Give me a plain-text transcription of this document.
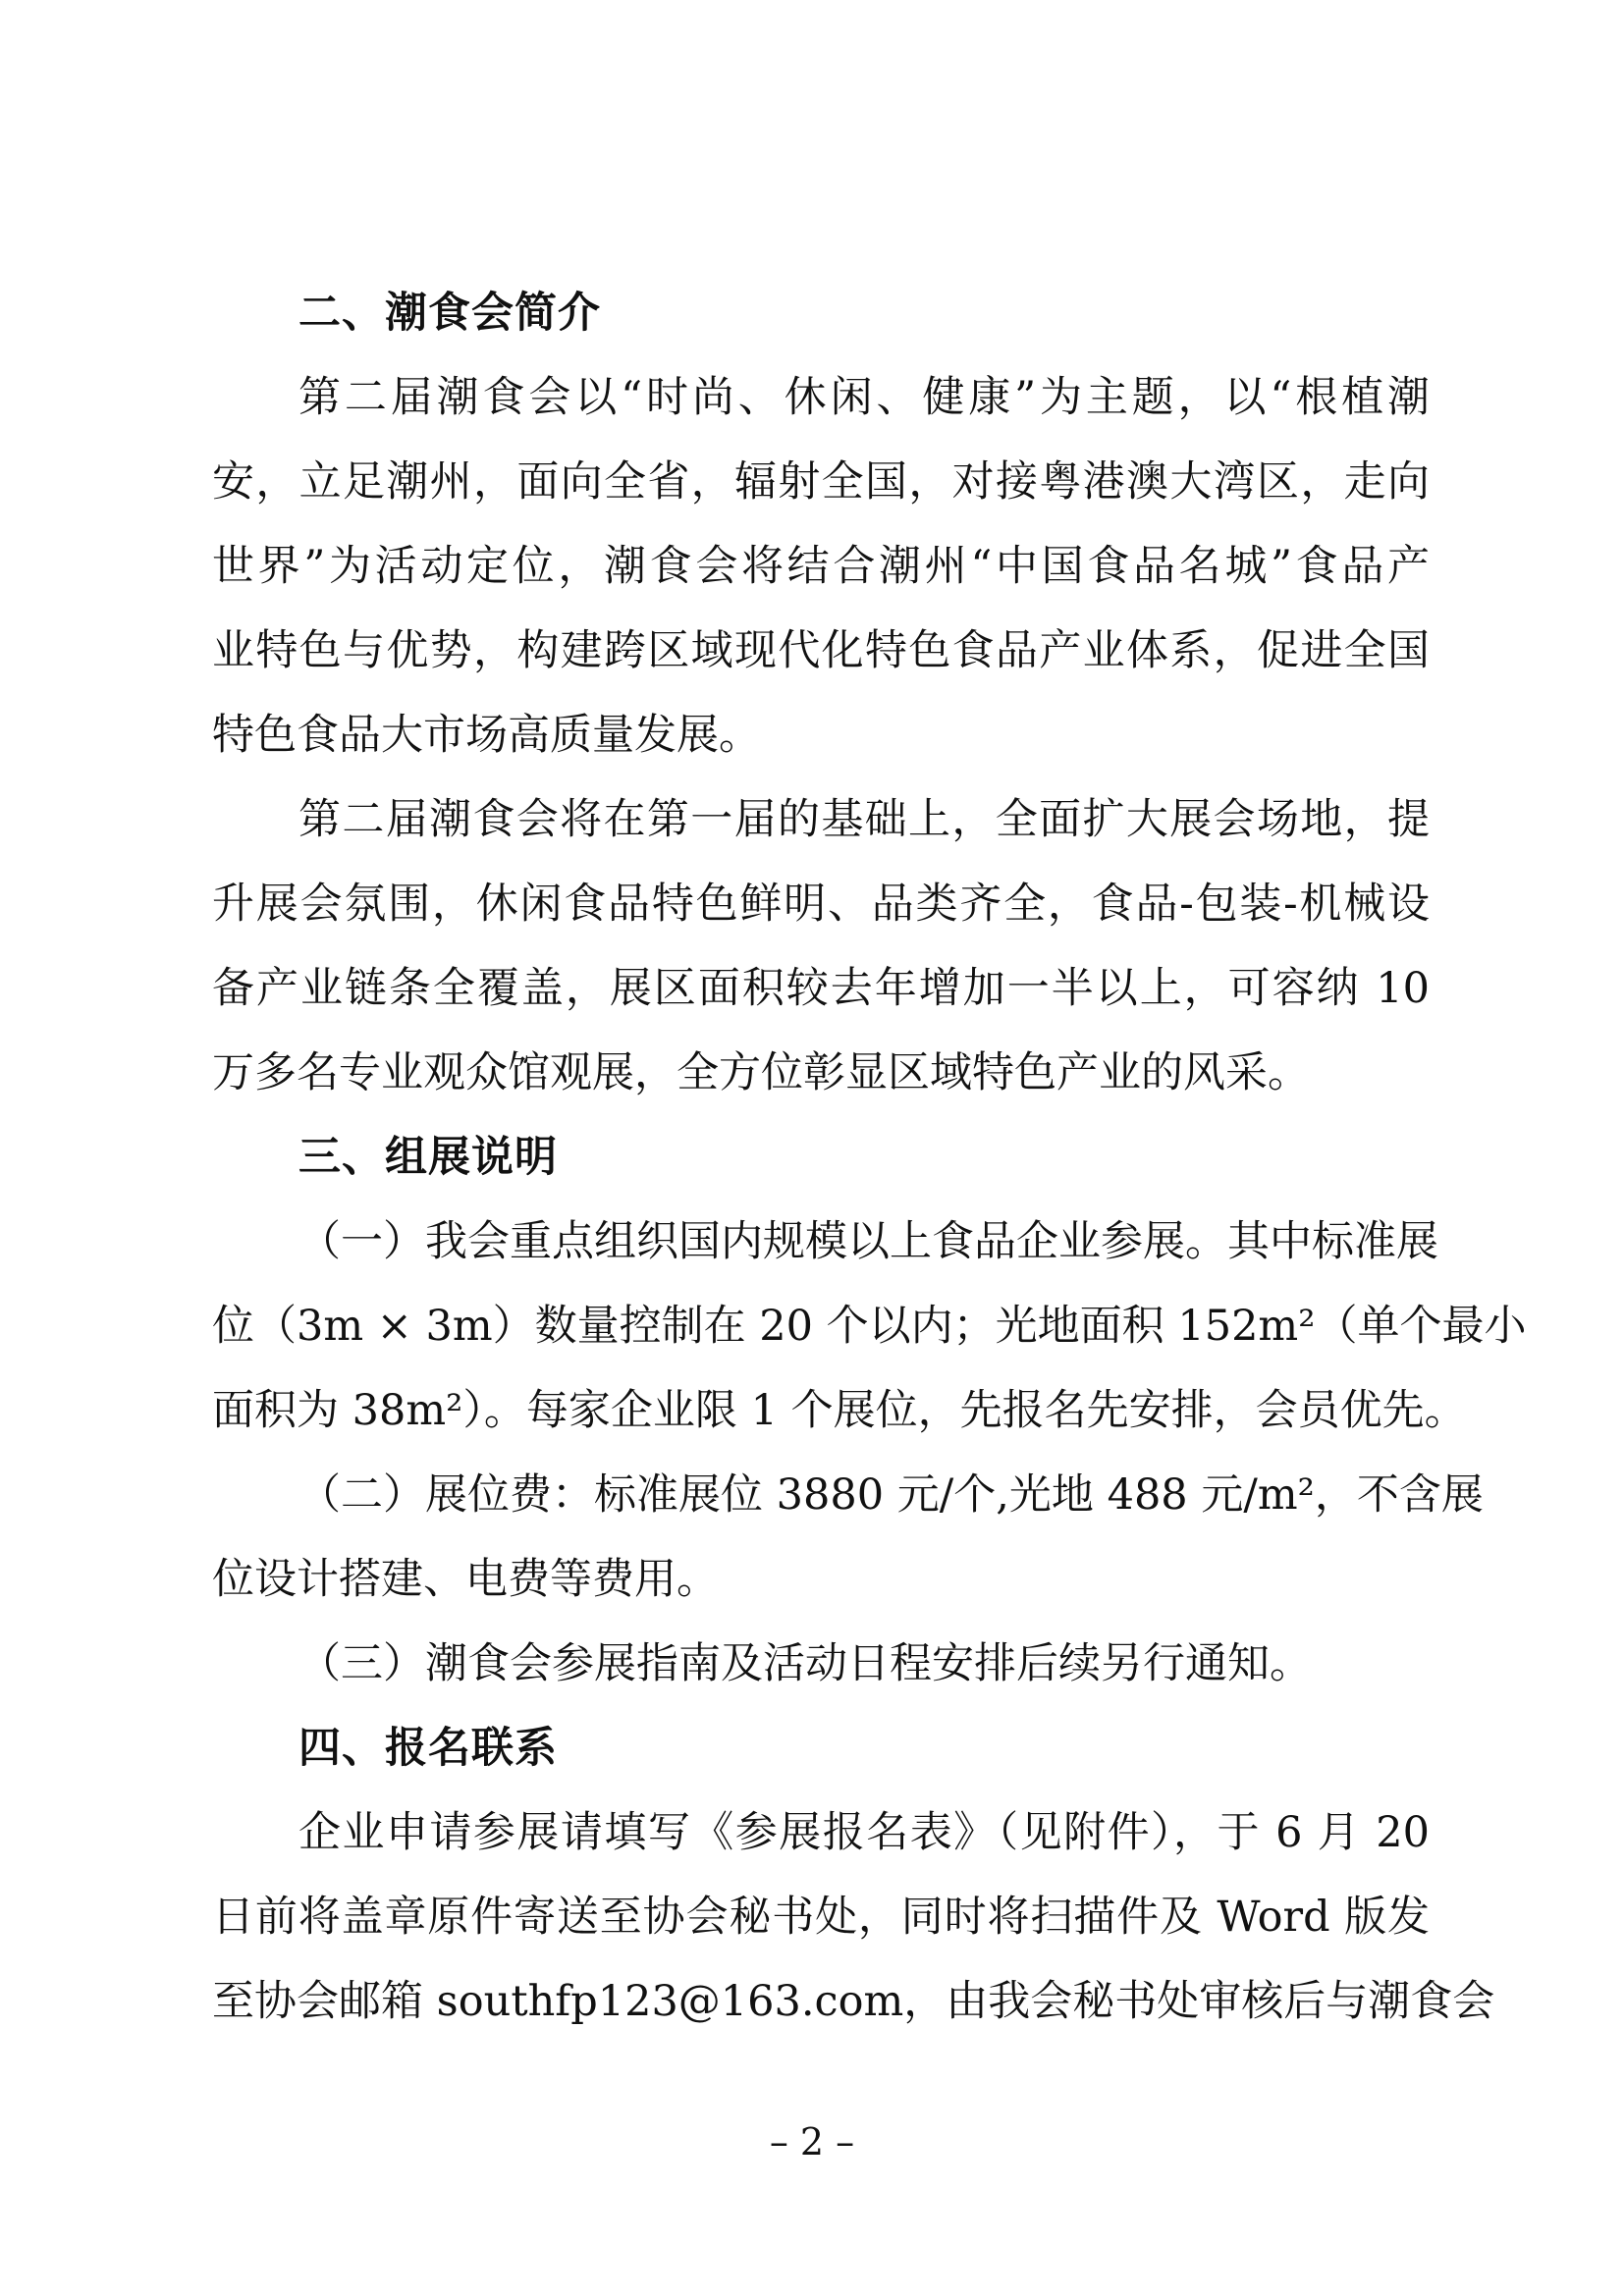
二、潮食会简介
第二届潮食会以“时尚、休闲、健康”为主题，以“根植潮
安，立足潮州，面向全省，辐射全国，对接粤港澳大湾区，走向
世界”为活动定位，潮食会将结合潮州“中国食品名城”食品产
业特色与优势，构建跨区域现代化特色食品产业体系，促进全国
特色食品大市场高质量发展。
第二届潮食会将在第一届的基础上，全面扩大展会场地，提
升展会氛围，休闲食品特色鲜明、品类齐全，食品-包装-机械设
备产业链条全覆盖，展区面积较去年增加一半以上，可容纳 10
万多名专业观众馆观展，全方位彰显区域特色产业的风采。
三、组展说明
（一）我会重点组织国内规模以上食品企业参展。其中标准展
位（3m × 3m）数量控制在 20 个以内；光地面积 152m²（单个最小
面积为 38m²）。每家企业限 1 个展位，先报名先安排，会员优先。
（二）展位费：标准展位 3880 元/个,光地 488 元/m²，不含展
位设计搭建、电费等费用。
（三）潮食会参展指南及活动日程安排后续另行通知。
四、报名联系
企业申请参展请填写《参展报名表》（见附件），于 6 月 20
日前将盖章原件寄送至协会秘书处，同时将扫描件及 Word 版发
至协会邮箱 southfp123@163.com，由我会秘书处审核后与潮食会
– 2 –
